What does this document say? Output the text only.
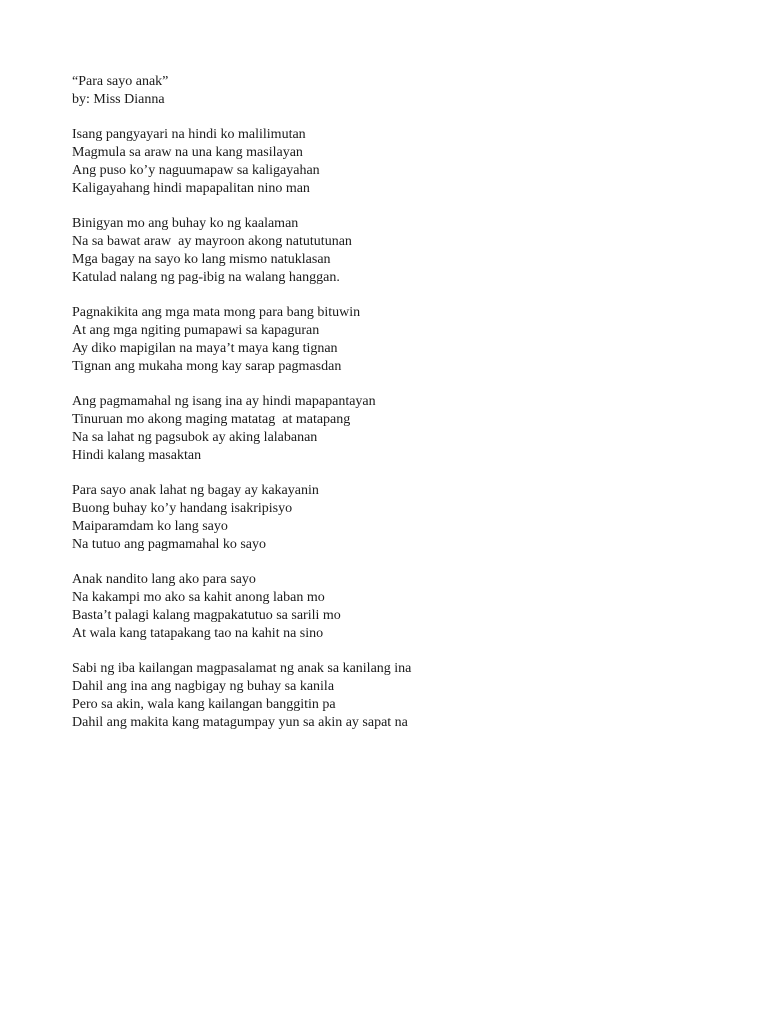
“Para sayo anak”
by: Miss Dianna
Isang pangyayari na hindi ko malilimutan
Magmula sa araw na una kang masilayan
Ang puso ko’y naguumapaw sa kaligayahan
Kaligayahang hindi mapapalitan nino man
Binigyan mo ang buhay ko ng kaalaman
Na sa bawat araw  ay mayroon akong natututunan
Mga bagay na sayo ko lang mismo natuklasan
Katulad nalang ng pag-ibig na walang hanggan.
Pagnakikita ang mga mata mong para bang bituwin
At ang mga ngiting pumapawi sa kapaguran
Ay diko mapigilan na maya’t maya kang tignan
Tignan ang mukaha mong kay sarap pagmasdan
Ang pagmamahal ng isang ina ay hindi mapapantayan
Tinuruan mo akong maging matatag  at matapang
Na sa lahat ng pagsubok ay aking lalabanan
Hindi kalang masaktan
Para sayo anak lahat ng bagay ay kakayanin
Buong buhay ko’y handang isakripisyo
Maiparamdam ko lang sayo
Na tutuo ang pagmamahal ko sayo
Anak nandito lang ako para sayo
Na kakampi mo ako sa kahit anong laban mo
Basta’t palagi kalang magpakatutuo sa sarili mo
At wala kang tatapakang tao na kahit na sino
Sabi ng iba kailangan magpasalamat ng anak sa kanilang ina
Dahil ang ina ang nagbigay ng buhay sa kanila
Pero sa akin, wala kang kailangan banggitin pa
Dahil ang makita kang matagumpay yun sa akin ay sapat na
